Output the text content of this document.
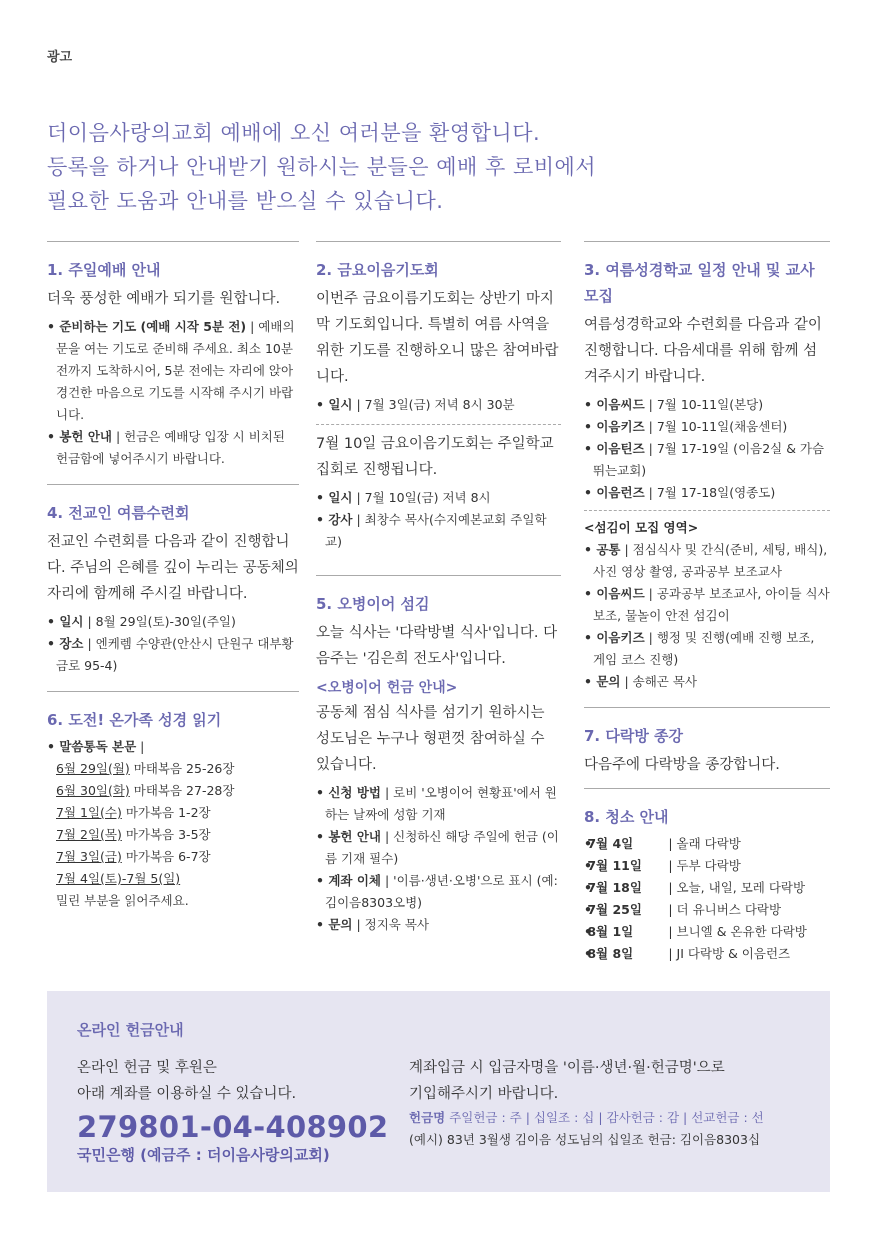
광고
더이음사랑의교회 예배에 오신 여러분을 환영합니다.
등록을 하거나 안내받기 원하시는 분들은 예배 후 로비에서
필요한 도움과 안내를 받으실 수 있습니다.
1. 주일예배 안내
더욱 풍성한 예배가 되기를 원합니다.
• 준비하는 기도 (예배 시작 5분 전) | 예배의 문을 여는 기도로 준비해 주세요. 최소 10분 전까지 도착하시어, 5분 전에는 자리에 앉아 경건한 마음으로 기도를 시작해 주시기 바랍니다.
• 봉헌 안내 | 헌금은 예배당 입장 시 비치된 헌금함에 넣어주시기 바랍니다.
4. 전교인 여름수련회
전교인 수련회를 다음과 같이 진행합니다. 주님의 은혜를 깊이 누리는 공동체의 자리에 함께해 주시길 바랍니다.
• 일시 | 8월 29일(토)-30일(주일)
• 장소 | 엔케렘 수양관(안산시 단원구 대부황금로 95-4)
6. 도전! 온가족 성경 읽기
• 말씀통독 본문 |
6월 29일(월) 마태복음 25-26장
6월 30일(화) 마태복음 27-28장
7월 1일(수) 마가복음 1-2장
7월 2일(목) 마가복음 3-5장
7월 3일(금) 마가복음 6-7장
7월 4일(토)-7월 5(일)
밀린 부분을 읽어주세요.
2. 금요이음기도회
이번주 금요이름기도회는 상반기 마지막 기도회입니다. 특별히 여름 사역을 위한 기도를 진행하오니 많은 참여바랍니다.
• 일시 | 7월 3일(금) 저녁 8시 30분
7월 10일 금요이음기도회는 주일학교 집회로 진행됩니다.
• 일시 | 7월 10일(금) 저녁 8시
• 강사 | 최창수 목사(수지예본교회 주일학교)
5. 오병이어 섬김
오늘 식사는 '다락방별 식사'입니다. 다음주는 '김은희 전도사'입니다.
<오병이어 헌금 안내>
공동체 점심 식사를 섬기기 원하시는 성도님은 누구나 형편껏 참여하실 수 있습니다.
• 신청 방법 | 로비 '오병이어 현황표'에서 원하는 날짜에 성함 기재
• 봉헌 안내 | 신청하신 해당 주일에 헌금 (이름 기재 필수)
• 계좌 이체 | '이름·생년·오병'으로 표시 (예: 김이음8303오병)
• 문의 | 정지욱 목사
3. 여름성경학교 일정 안내 및 교사 모집
여름성경학교와 수련회를 다음과 같이 진행합니다. 다음세대를 위해 함께 섬겨주시기 바랍니다.
• 이음씨드 | 7월 10-11일(본당)
• 이음키즈 | 7월 10-11일(채움센터)
• 이음틴즈 | 7월 17-19일 (이음2실 & 가슴뛰는교회)
• 이음런즈 | 7월 17-18일(영종도)
<섬김이 모집 영역>
• 공통 | 점심식사 및 간식(준비, 세팅, 배식), 사진 영상 촬영, 공과공부 보조교사
• 이음씨드 | 공과공부 보조교사, 아이들 식사보조, 물놀이 안전 섬김이
• 이음키즈 | 행정 및 진행(예배 진행 보조, 게임 코스 진행)
• 문의 | 송해곤 목사
7. 다락방 종강
다음주에 다락방을 종강합니다.
8. 청소 안내
• 7월 4일	| 올래 다락방
• 7월 11일 | 두부 다락방
• 7월 18일 | 오늘, 내일, 모레 다락방
• 7월 25일 | 더 유니버스 다락방
• 8월 1일	| 브니엘 & 온유한 다락방
• 8월 8일	| JI 다락방 & 이음런즈
온라인 헌금안내
온라인 헌금 및 후원은
아래 계좌를 이용하실 수 있습니다.
279801-04-408902
국민은행 (예금주 : 더이음사랑의교회)
계좌입금 시 입금자명을 '이름·생년·월·헌금명'으로
기입해주시기 바랍니다.
헌금명 주일헌금 : 주 | 십일조 : 십 | 감사헌금 : 감 | 선교헌금 : 선
(예시) 83년 3월생 김이음 성도님의 십일조 헌금: 김이음8303십
